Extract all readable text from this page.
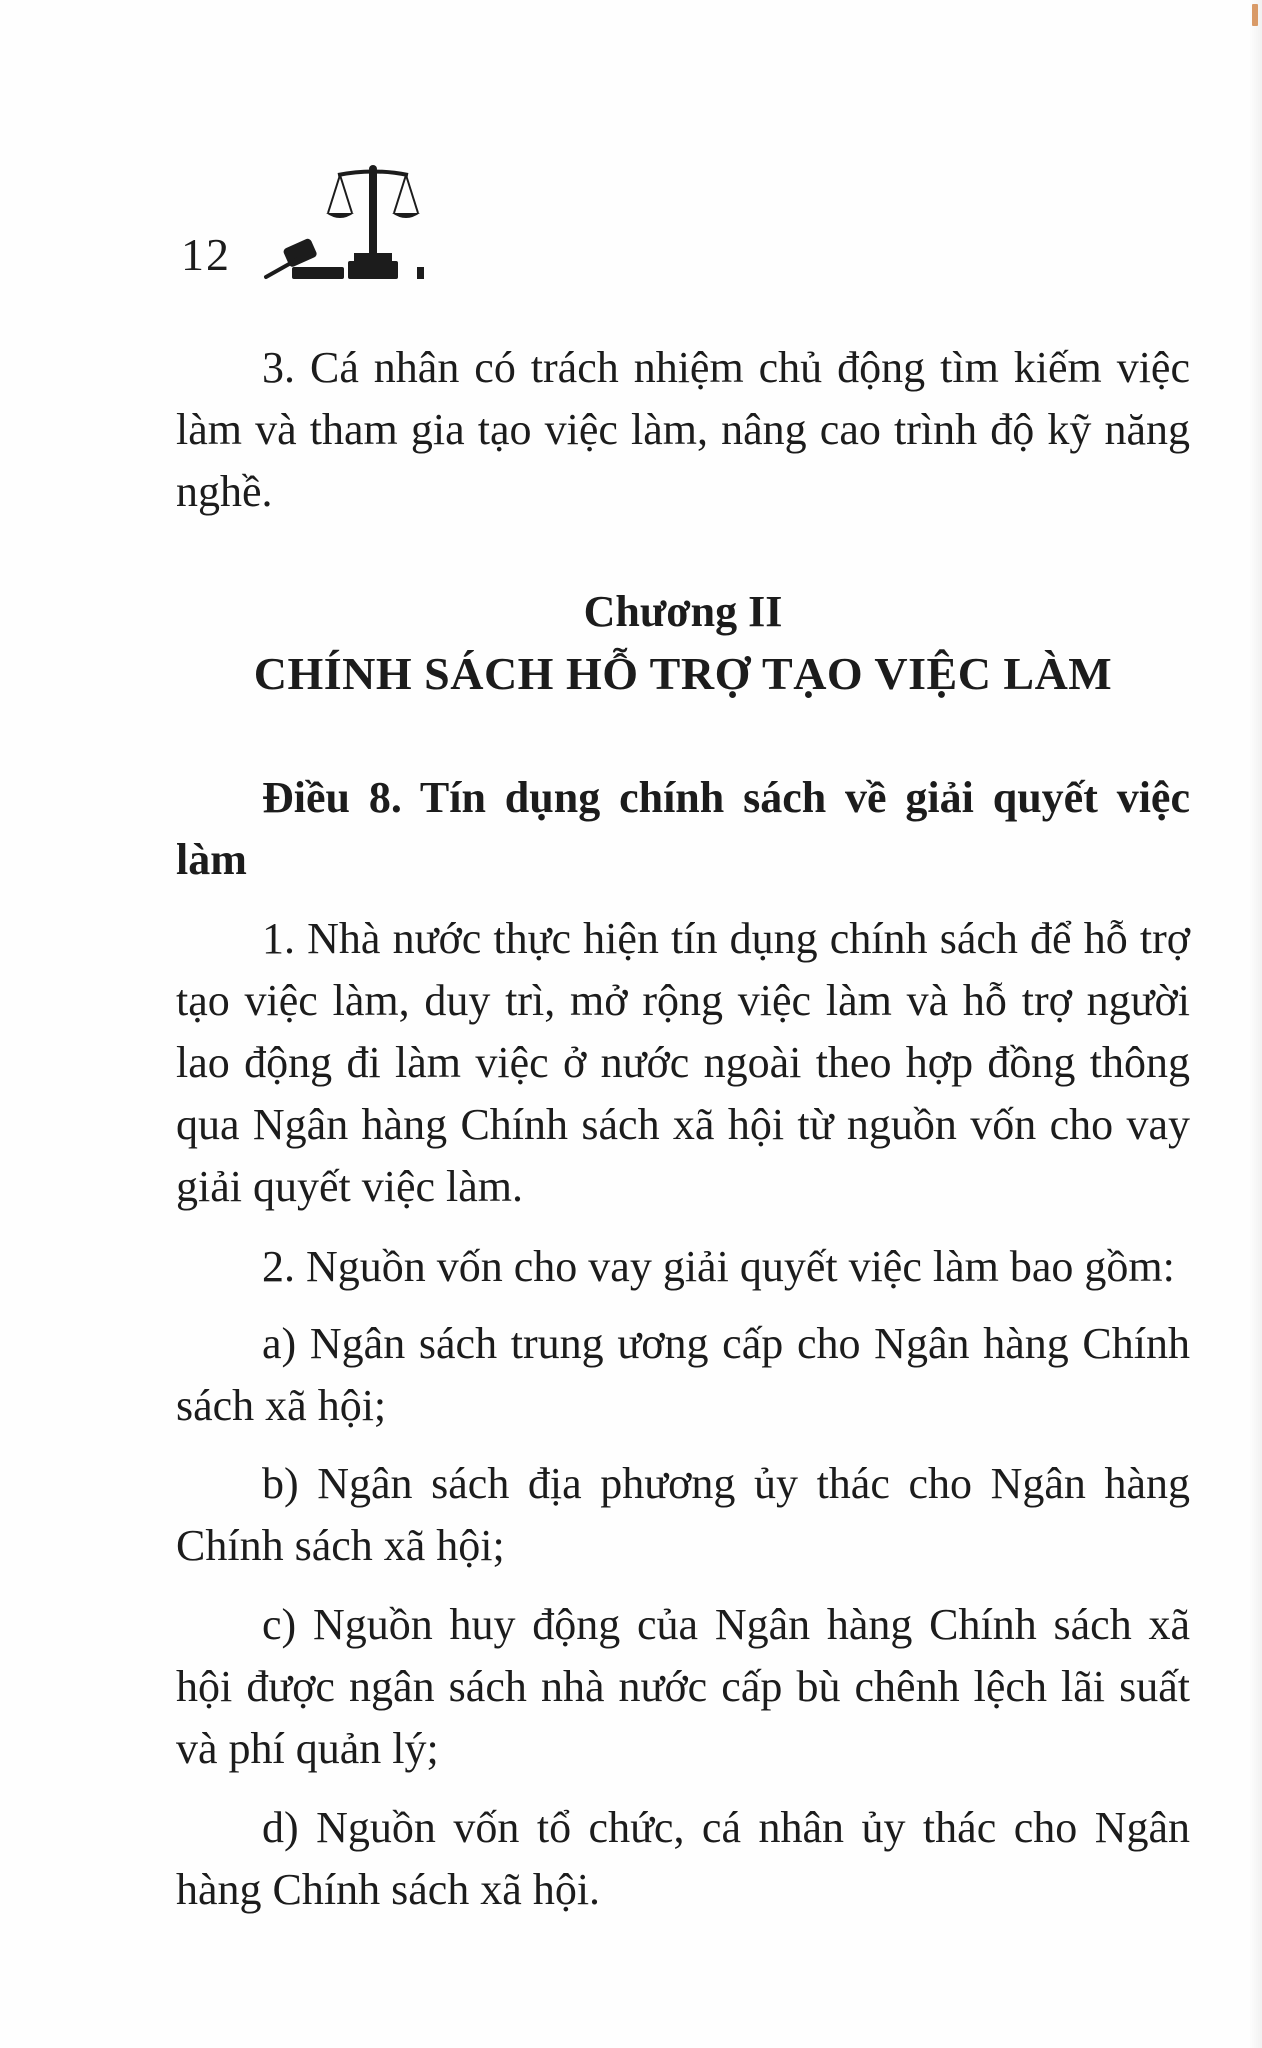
12

3. Cá nhân có trách nhiệm chủ động tìm kiếm việc làm và tham gia tạo việc làm, nâng cao trình độ kỹ năng nghề.

Chương II
CHÍNH SÁCH HỖ TRỢ TẠO VIỆC LÀM

Điều 8. Tín dụng chính sách về giải quyết việc làm

1. Nhà nước thực hiện tín dụng chính sách để hỗ trợ tạo việc làm, duy trì, mở rộng việc làm và hỗ trợ người lao động đi làm việc ở nước ngoài theo hợp đồng thông qua Ngân hàng Chính sách xã hội từ nguồn vốn cho vay giải quyết việc làm.

2. Nguồn vốn cho vay giải quyết việc làm bao gồm:

a) Ngân sách trung ương cấp cho Ngân hàng Chính sách xã hội;

b) Ngân sách địa phương ủy thác cho Ngân hàng Chính sách xã hội;

c) Nguồn huy động của Ngân hàng Chính sách xã hội được ngân sách nhà nước cấp bù chênh lệch lãi suất và phí quản lý;

d) Nguồn vốn tổ chức, cá nhân ủy thác cho Ngân hàng Chính sách xã hội.
